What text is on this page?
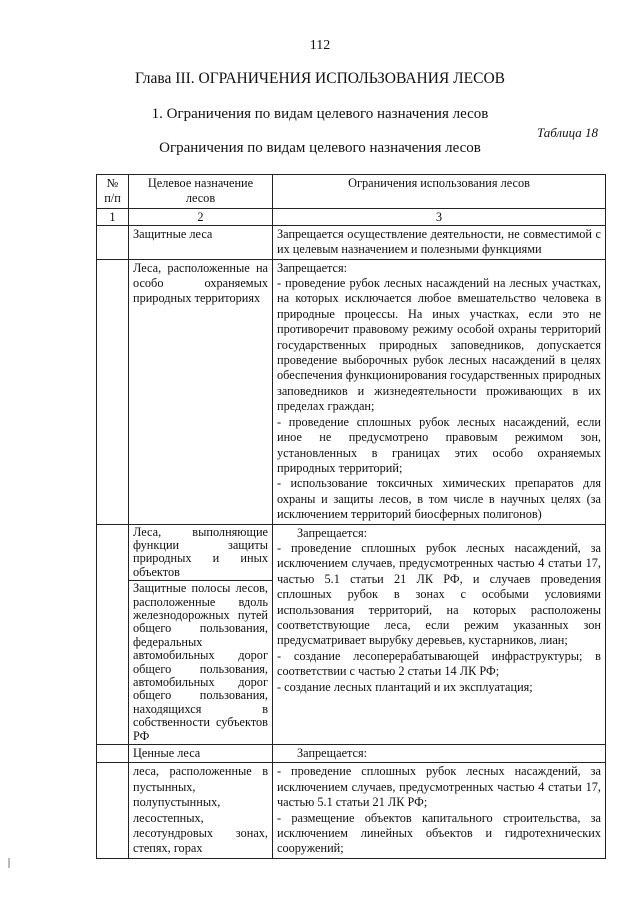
112
Глава III. ОГРАНИЧЕНИЯ ИСПОЛЬЗОВАНИЯ ЛЕСОВ
1. Ограничения по видам целевого назначения лесов
Таблица 18
Ограничения по видам целевого назначения лесов
№ п/п	Целевое назначение лесов	Ограничения использования лесов
1	2	3
	Защитные леса	Запрещается осуществление деятельности, не совместимой с их целевым назначением и полезными функциями
	Леса, расположенные на особо охраняемых природных территориях	Запрещается:

- проведение рубок лесных насаждений на лесных участках, на которых исключается любое вмешательство человека в природные процессы. На иных участках, если это не противоречит правовому режиму особой охраны территорий государственных природных заповедников, допускается проведение выборочных рубок лесных насаждений в целях обеспечения функционирования государственных природных заповедников и жизнедеятельности проживающих в их пределах граждан;

- проведение сплошных рубок лесных насаждений, если иное не предусмотрено правовым режимом зон, установленных в границах этих особо охраняемых природных территорий;

- использование токсичных химических препаратов для охраны и защиты лесов, в том числе в научных целях (за исключением территорий биосферных полигонов)

	Леса, выполняющие функции защиты природных и иных объектов	Запрещается:

- проведение сплошных рубок лесных насаждений, за исключением случаев, предусмотренных частью 4 статьи 17, частью 5.1 статьи 21 ЛК РФ, и случаев проведения сплошных рубок в зонах с особыми условиями использования территорий, на которых расположены соответствующие леса, если режим указанных зон предусматривает вырубку деревьев, кустарников, лиан;

- создание лесоперерабатывающей инфраструктуры; в соответствии с частью 2 статьи 14 ЛК РФ;

- создание лесных плантаций и их эксплуатация;

	Защитные полосы лесов, расположенные вдоль железнодорожных путей общего пользования, федеральных автомобильных дорог общего пользования, автомобильных дорог общего пользования, находящихся в собственности субъектов РФ	
	Ценные леса	Запрещается:

	леса, расположенные в пустынных, полупустынных, лесостепных, лесотундровых зонах, степях, горах	- проведение сплошных рубок лесных насаждений, за исключением случаев, предусмотренных частью 4 статьи 17, частью 5.1 статьи 21 ЛК РФ;

- размещение объектов капитального строительства, за исключением линейных объектов и гидротехнических сооружений;
